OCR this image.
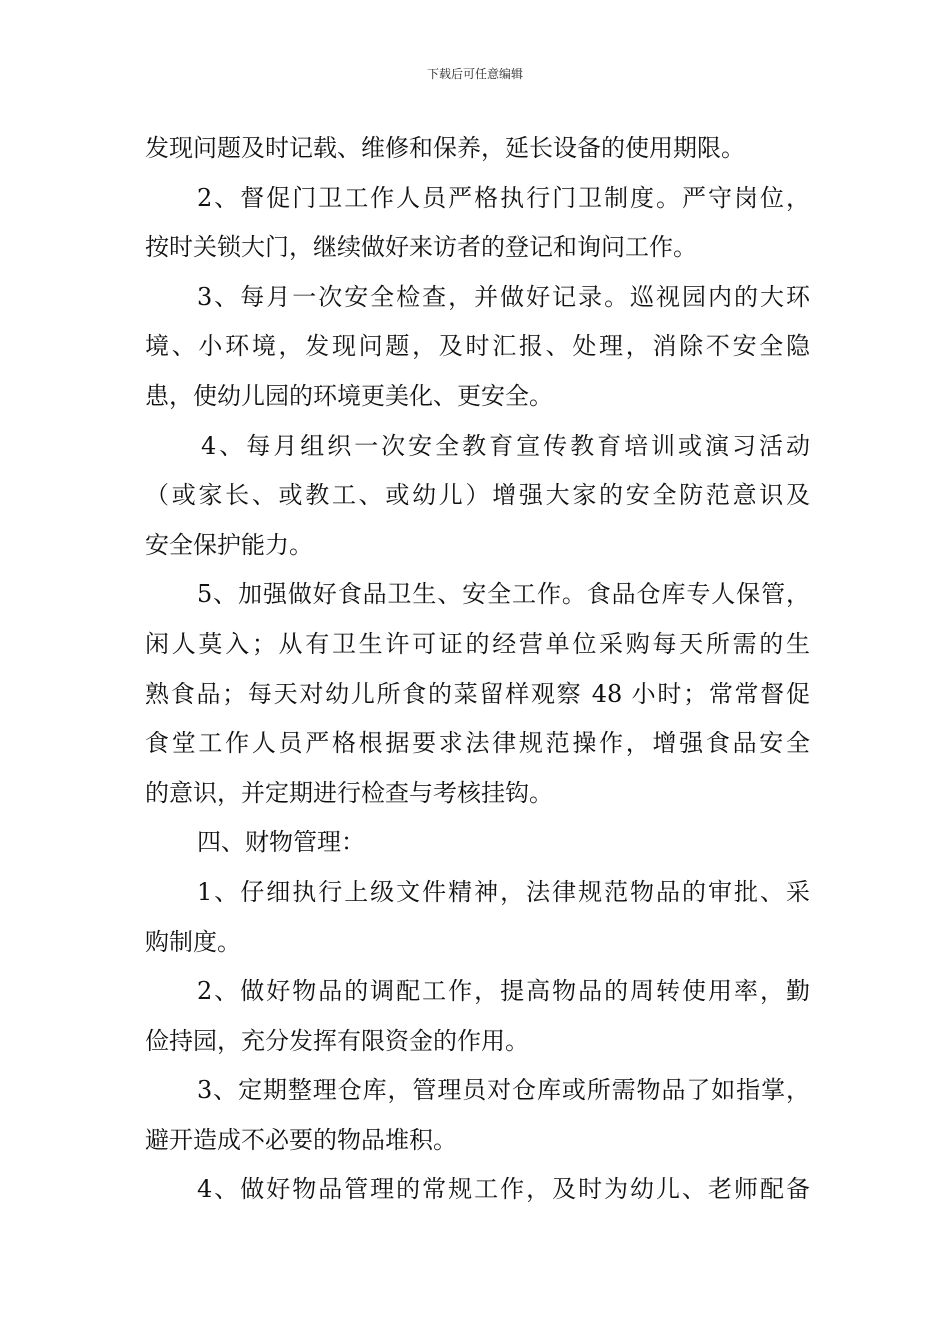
下载后可任意编辑
发现问题及时记载、维修和保养，延长设备的使用期限。
2、督促门卫工作人员严格执行门卫制度。严守岗位，
按时关锁大门，继续做好来访者的登记和询问工作。
3、每月一次安全检查，并做好记录。巡视园内的大环
境、小环境，发现问题，及时汇报、处理，消除不安全隐
患，使幼儿园的环境更美化、更安全。
4、每月组织一次安全教育宣传教育培训或演习活动
（或家长、或教工、或幼儿）增强大家的安全防范意识及
安全保护能力。
5、加强做好食品卫生、安全工作。食品仓库专人保管，
闲人莫入；从有卫生许可证的经营单位采购每天所需的生
熟食品；每天对幼儿所食的菜留样观察 48 小时；常常督促
食堂工作人员严格根据要求法律规范操作，增强食品安全
的意识，并定期进行检查与考核挂钩。
四、财物管理：
1、仔细执行上级文件精神，法律规范物品的审批、采
购制度。
2、做好物品的调配工作，提高物品的周转使用率，勤
俭持园，充分发挥有限资金的作用。
3、定期整理仓库，管理员对仓库或所需物品了如指掌，
避开造成不必要的物品堆积。
4、做好物品管理的常规工作，及时为幼儿、老师配备
